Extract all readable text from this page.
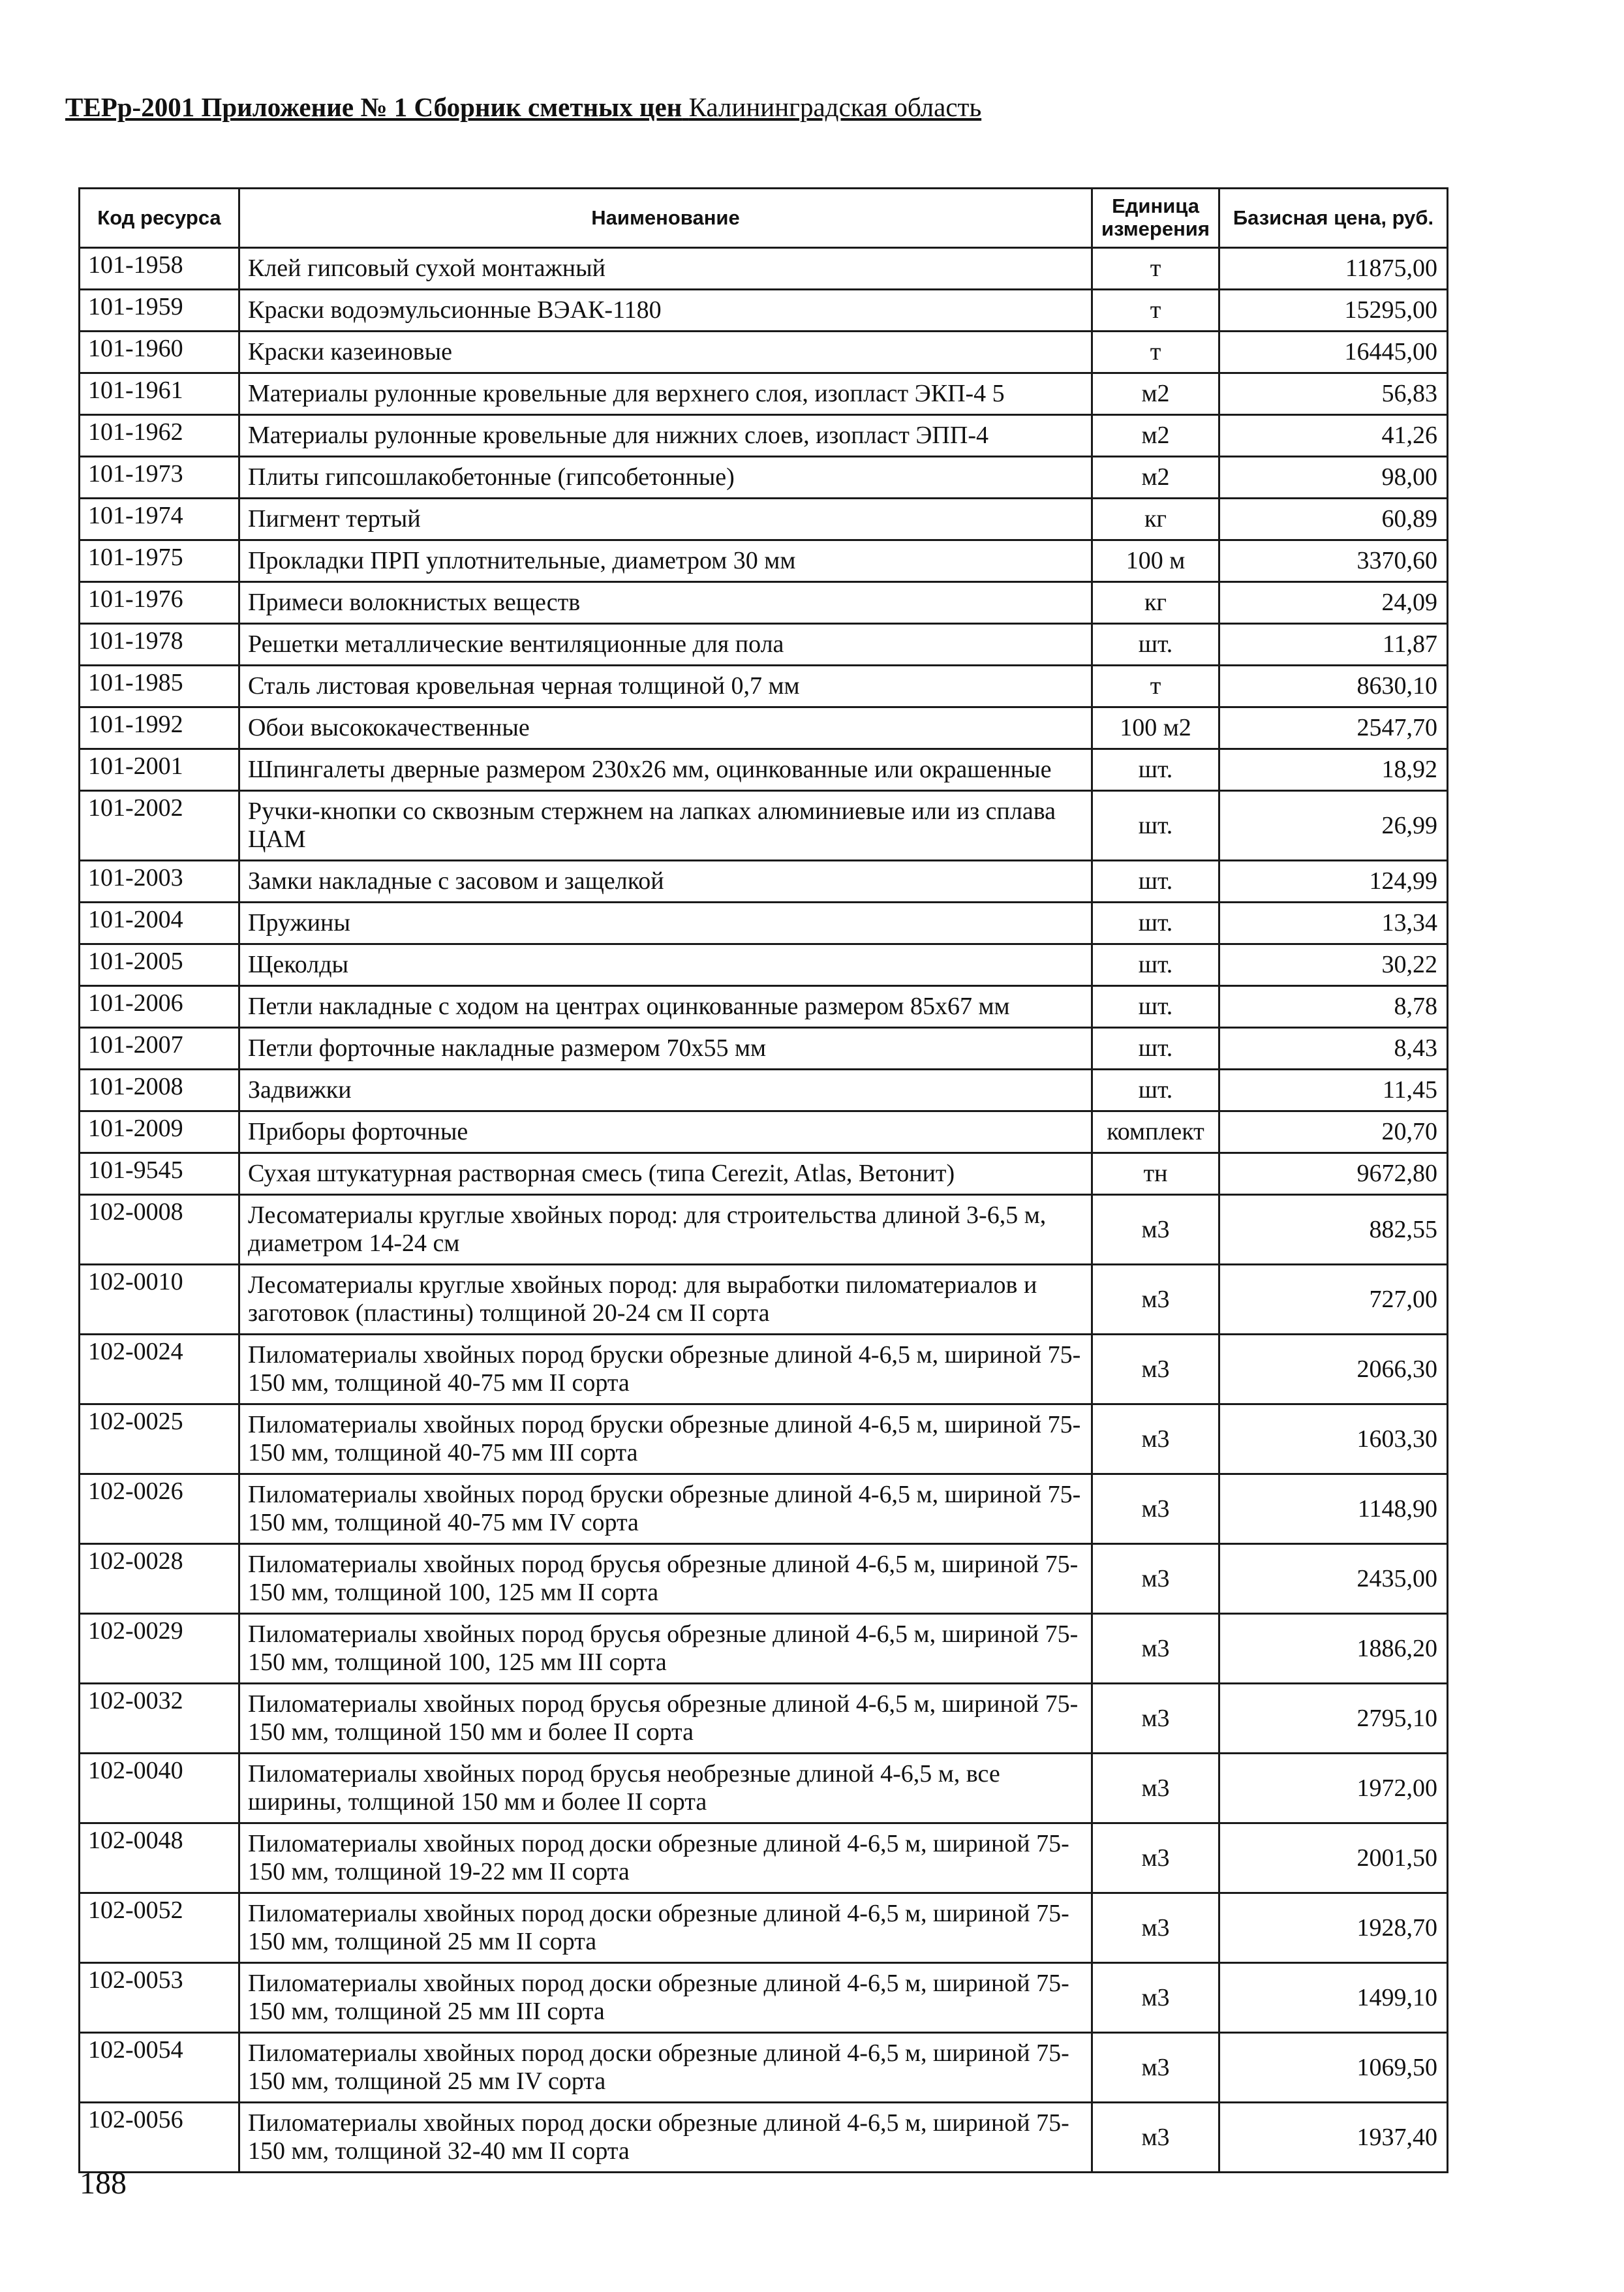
ТЕРр-2001 Приложение № 1 Сборник сметных цен Калининградская область
Код ресурса	Наименование	Единица измерения	Базисная цена, руб.
101-1958	Клей гипсовый сухой монтажный	т	11875,00
101-1959	Краски водоэмульсионные ВЭАК-1180	т	15295,00
101-1960	Краски казеиновые	т	16445,00
101-1961	Материалы рулонные кровельные для верхнего слоя, изопласт ЭКП-4 5	м2	56,83
101-1962	Материалы рулонные кровельные для нижних слоев, изопласт ЭПП-4	м2	41,26
101-1973	Плиты гипсошлакобетонные (гипсобетонные)	м2	98,00
101-1974	Пигмент тертый	кг	60,89
101-1975	Прокладки ПРП уплотнительные, диаметром 30 мм	100 м	3370,60
101-1976	Примеси волокнистых веществ	кг	24,09
101-1978	Решетки металлические вентиляционные для пола	шт.	11,87
101-1985	Сталь листовая кровельная черная толщиной 0,7 мм	т	8630,10
101-1992	Обои высококачественные	100 м2	2547,70
101-2001	Шпингалеты дверные размером 230х26 мм, оцинкованные или окрашенные	шт.	18,92
101-2002	Ручки-кнопки со сквозным стержнем на лапках алюминиевые или из сплава ЦАМ	шт.	26,99
101-2003	Замки накладные с засовом и защелкой	шт.	124,99
101-2004	Пружины	шт.	13,34
101-2005	Щеколды	шт.	30,22
101-2006	Петли накладные с ходом на центрах оцинкованные размером 85х67 мм	шт.	8,78
101-2007	Петли форточные накладные размером 70х55 мм	шт.	8,43
101-2008	Задвижки	шт.	11,45
101-2009	Приборы форточные	комплект	20,70
101-9545	Сухая штукатурная растворная смесь (типа Cerezit, Atlas, Ветонит)	тн	9672,80
102-0008	Лесоматериалы круглые хвойных пород: для строительства длиной 3-6,5 м, диаметром 14-24 см	м3	882,55
102-0010	Лесоматериалы круглые хвойных пород: для выработки пиломатериалов и заготовок (пластины) толщиной 20-24 см II сорта	м3	727,00
102-0024	Пиломатериалы хвойных пород бруски обрезные длиной 4-6,5 м, шириной 75-150 мм, толщиной 40-75 мм II сорта	м3	2066,30
102-0025	Пиломатериалы хвойных пород бруски обрезные длиной 4-6,5 м, шириной 75-150 мм, толщиной 40-75 мм III сорта	м3	1603,30
102-0026	Пиломатериалы хвойных пород бруски обрезные длиной 4-6,5 м, шириной 75-150 мм, толщиной 40-75 мм IV сорта	м3	1148,90
102-0028	Пиломатериалы хвойных пород брусья обрезные длиной 4-6,5 м, шириной 75-150 мм, толщиной 100, 125 мм II сорта	м3	2435,00
102-0029	Пиломатериалы хвойных пород брусья обрезные длиной 4-6,5 м, шириной 75-150 мм, толщиной 100, 125 мм III сорта	м3	1886,20
102-0032	Пиломатериалы хвойных пород брусья обрезные длиной 4-6,5 м, шириной 75-150 мм, толщиной 150 мм и более II сорта	м3	2795,10
102-0040	Пиломатериалы хвойных пород брусья необрезные длиной 4-6,5 м, все ширины, толщиной 150 мм и более II сорта	м3	1972,00
102-0048	Пиломатериалы хвойных пород доски обрезные длиной 4-6,5 м, шириной 75-150 мм, толщиной 19-22 мм II сорта	м3	2001,50
102-0052	Пиломатериалы хвойных пород доски обрезные длиной 4-6,5 м, шириной 75-150 мм, толщиной 25 мм II сорта	м3	1928,70
102-0053	Пиломатериалы хвойных пород доски обрезные длиной 4-6,5 м, шириной 75-150 мм, толщиной 25 мм III сорта	м3	1499,10
102-0054	Пиломатериалы хвойных пород доски обрезные длиной 4-6,5 м, шириной 75-150 мм, толщиной 25 мм IV сорта	м3	1069,50
102-0056	Пиломатериалы хвойных пород доски обрезные длиной 4-6,5 м, шириной 75-150 мм, толщиной 32-40 мм II сорта	м3	1937,40
188
